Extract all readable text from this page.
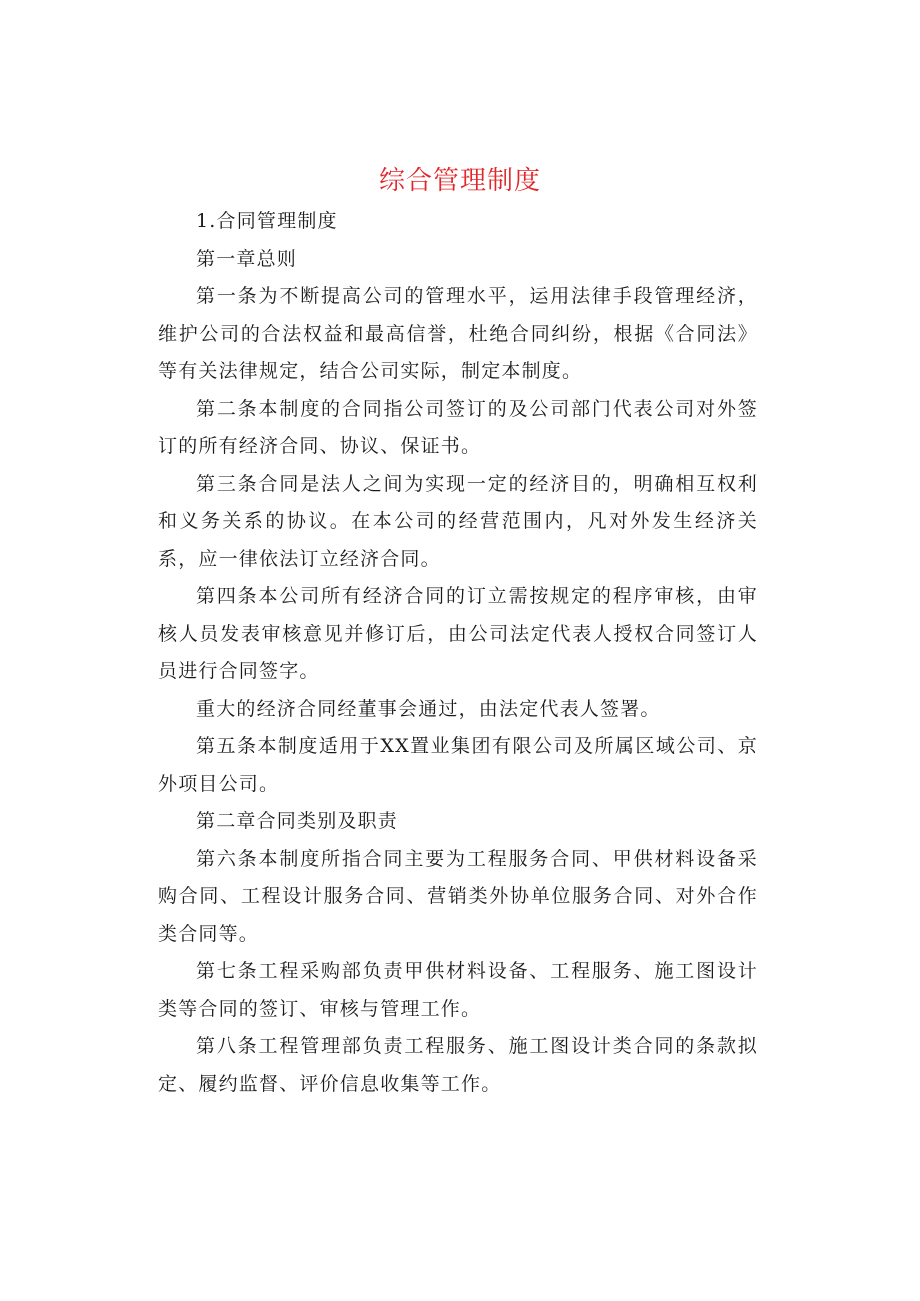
综合管理制度

1.合同管理制度

第一章总则

第一条为不断提高公司的管理水平，运用法律手段管理经济，维护公司的合法权益和最高信誉，杜绝合同纠纷，根据《合同法》等有关法律规定，结合公司实际，制定本制度。

第二条本制度的合同指公司签订的及公司部门代表公司对外签订的所有经济合同、协议、保证书。

第三条合同是法人之间为实现一定的经济目的，明确相互权利和义务关系的协议。在本公司的经营范围内，凡对外发生经济关系，应一律依法订立经济合同。

第四条本公司所有经济合同的订立需按规定的程序审核，由审核人员发表审核意见并修订后，由公司法定代表人授权合同签订人员进行合同签字。

重大的经济合同经董事会通过，由法定代表人签署。

第五条本制度适用于XX置业集团有限公司及所属区域公司、京外项目公司。

第二章合同类别及职责

第六条本制度所指合同主要为工程服务合同、甲供材料设备采购合同、工程设计服务合同、营销类外协单位服务合同、对外合作类合同等。

第七条工程采购部负责甲供材料设备、工程服务、施工图设计类等合同的签订、审核与管理工作。

第八条工程管理部负责工程服务、施工图设计类合同的条款拟定、履约监督、评价信息收集等工作。
